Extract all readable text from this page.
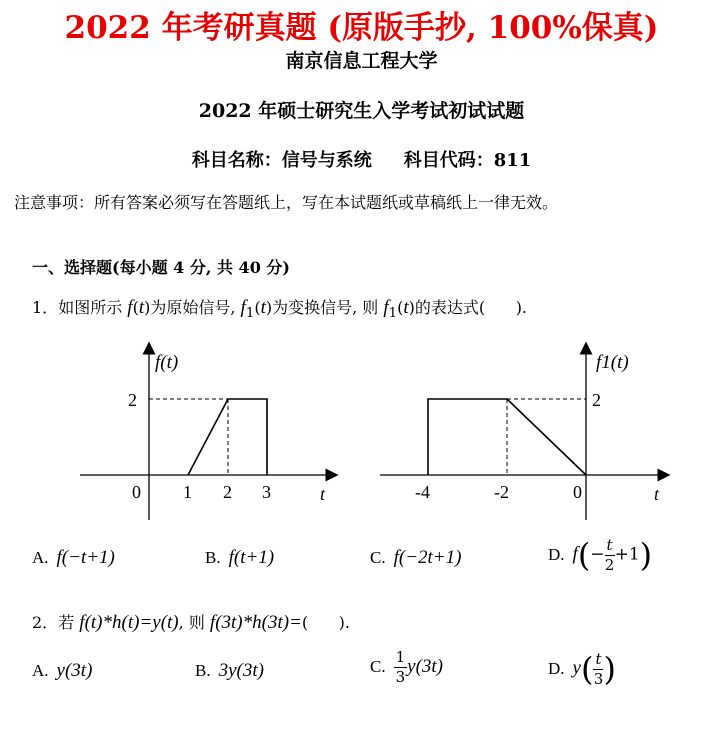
2022 年考研真题 (原版手抄, 100%保真)
南京信息工程大学
2022 年硕士研究生入学考试初试试题
科目名称：信号与系统 科目代码：811
注意事项：所有答案必须写在答题纸上，写在本试题纸或草稿纸上一律无效。
一、选择题(每小题 4 分, 共 40 分)
1．如图所示 f(t)为原始信号, $f_1(t)$为变换信号, 则 $f_1(t)$的表达式( ).
f(t)
2
0 1 2 3	t
f1(t)
2
-4	-2	0	t
A. f(−t+1)	B. f(t+1)	C. f(−2t+1)	D. $f(- \frac{t}{2} +1)$
2．若 f(t)*h(t)=y(t), 则 f(3t)*h(3t)=( ).
A. y(3t)	B. 3y(3t)	C. $\frac{1}{3} y(3t)$	D. $y( \frac{t}{3}$ )
